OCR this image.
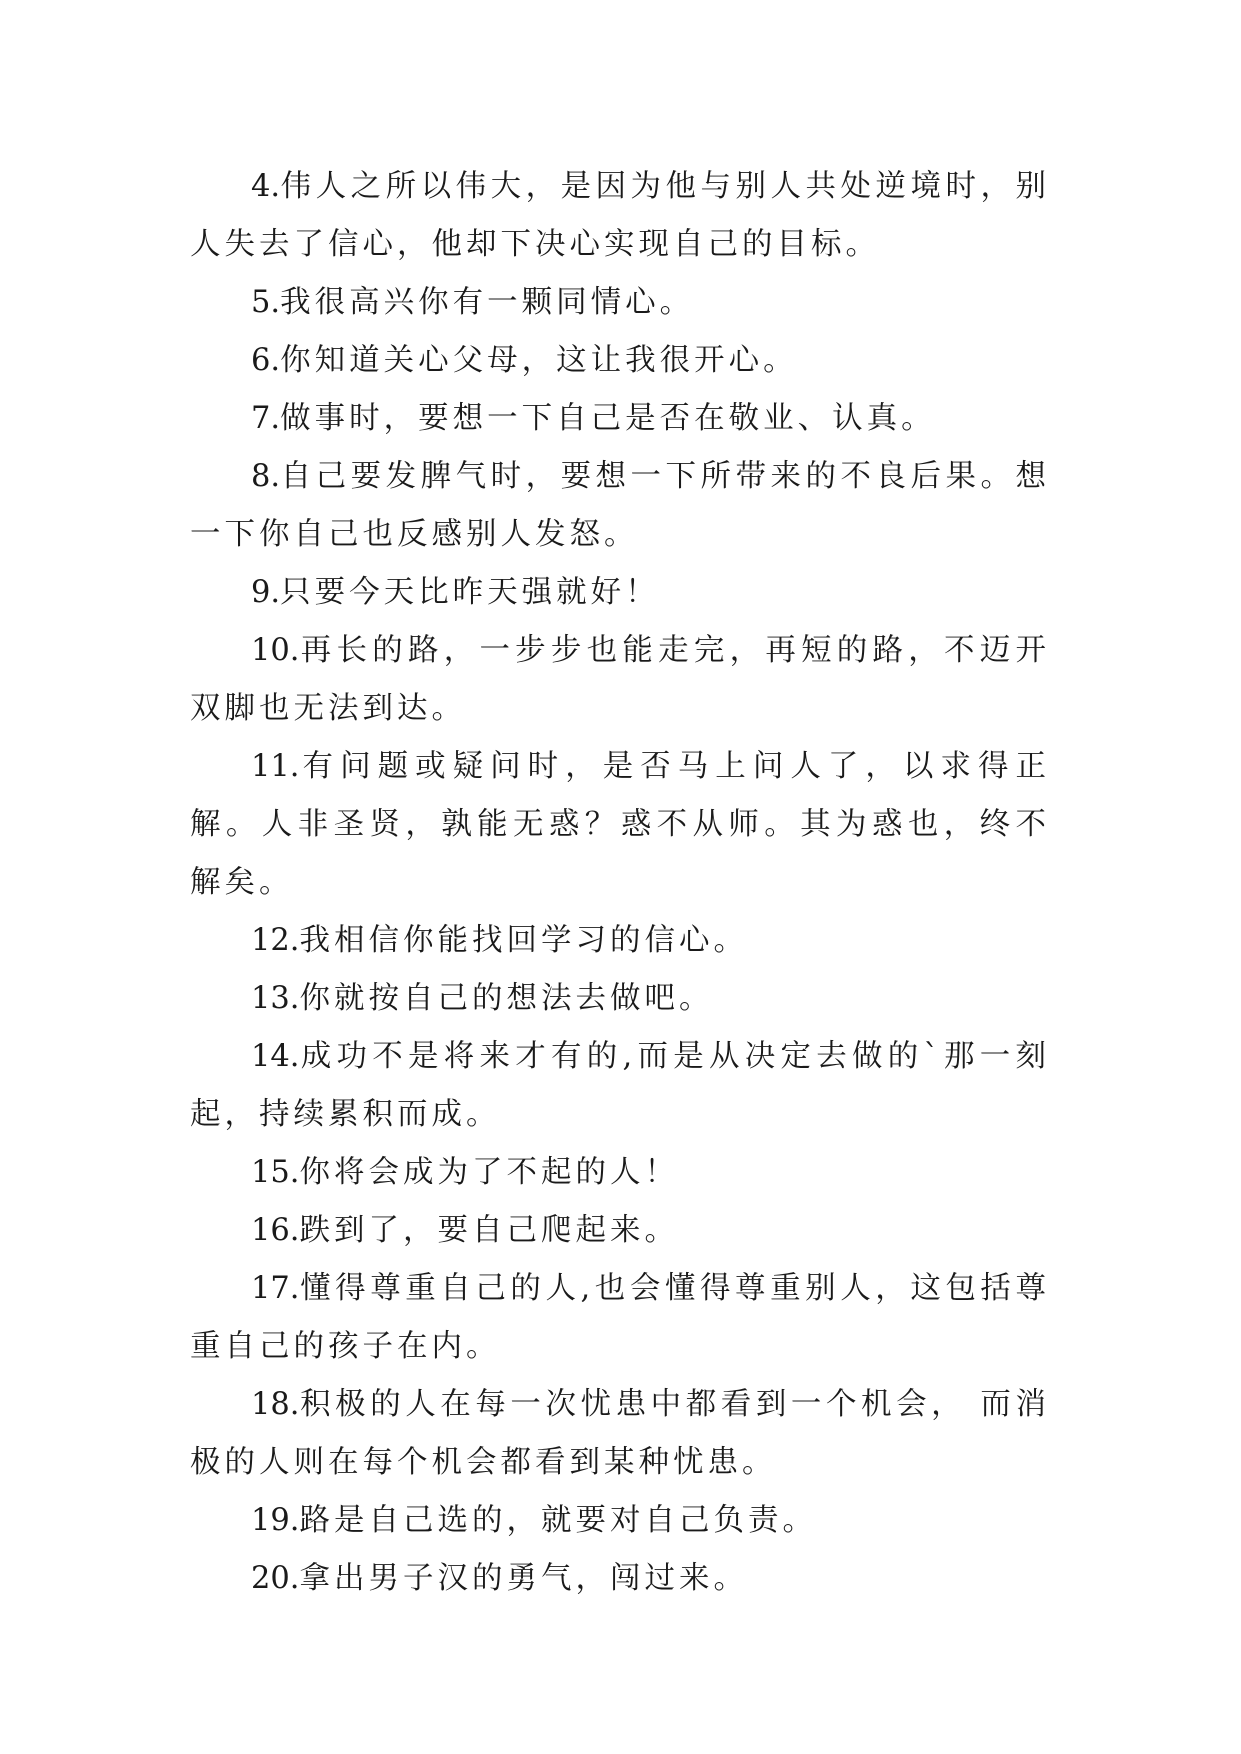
4.伟人之所以伟大，是因为他与别人共处逆境时，别人失去了信心，他却下决心实现自己的目标。

5.我很高兴你有一颗同情心。

6.你知道关心父母，这让我很开心。

7.做事时，要想一下自己是否在敬业、认真。

8.自己要发脾气时，要想一下所带来的不良后果。想一下你自己也反感别人发怒。

9.只要今天比昨天强就好！

10.再长的路，一步步也能走完，再短的路，不迈开双脚也无法到达。

11.有问题或疑问时，是否马上问人了，以求得正解。人非圣贤，孰能无惑？惑不从师。其为惑也，终不解矣。

12.我相信你能找回学习的信心。

13.你就按自己的想法去做吧。

14.成功不是将来才有的,而是从决定去做的`那一刻起，持续累积而成。

15.你将会成为了不起的人！

16.跌到了，要自己爬起来。

17.懂得尊重自己的人,也会懂得尊重别人，这包括尊重自己的孩子在内。

18.积极的人在每一次忧患中都看到一个机会， 而消极的人则在每个机会都看到某种忧患。

19.路是自己选的，就要对自己负责。

20.拿出男子汉的勇气，闯过来。
